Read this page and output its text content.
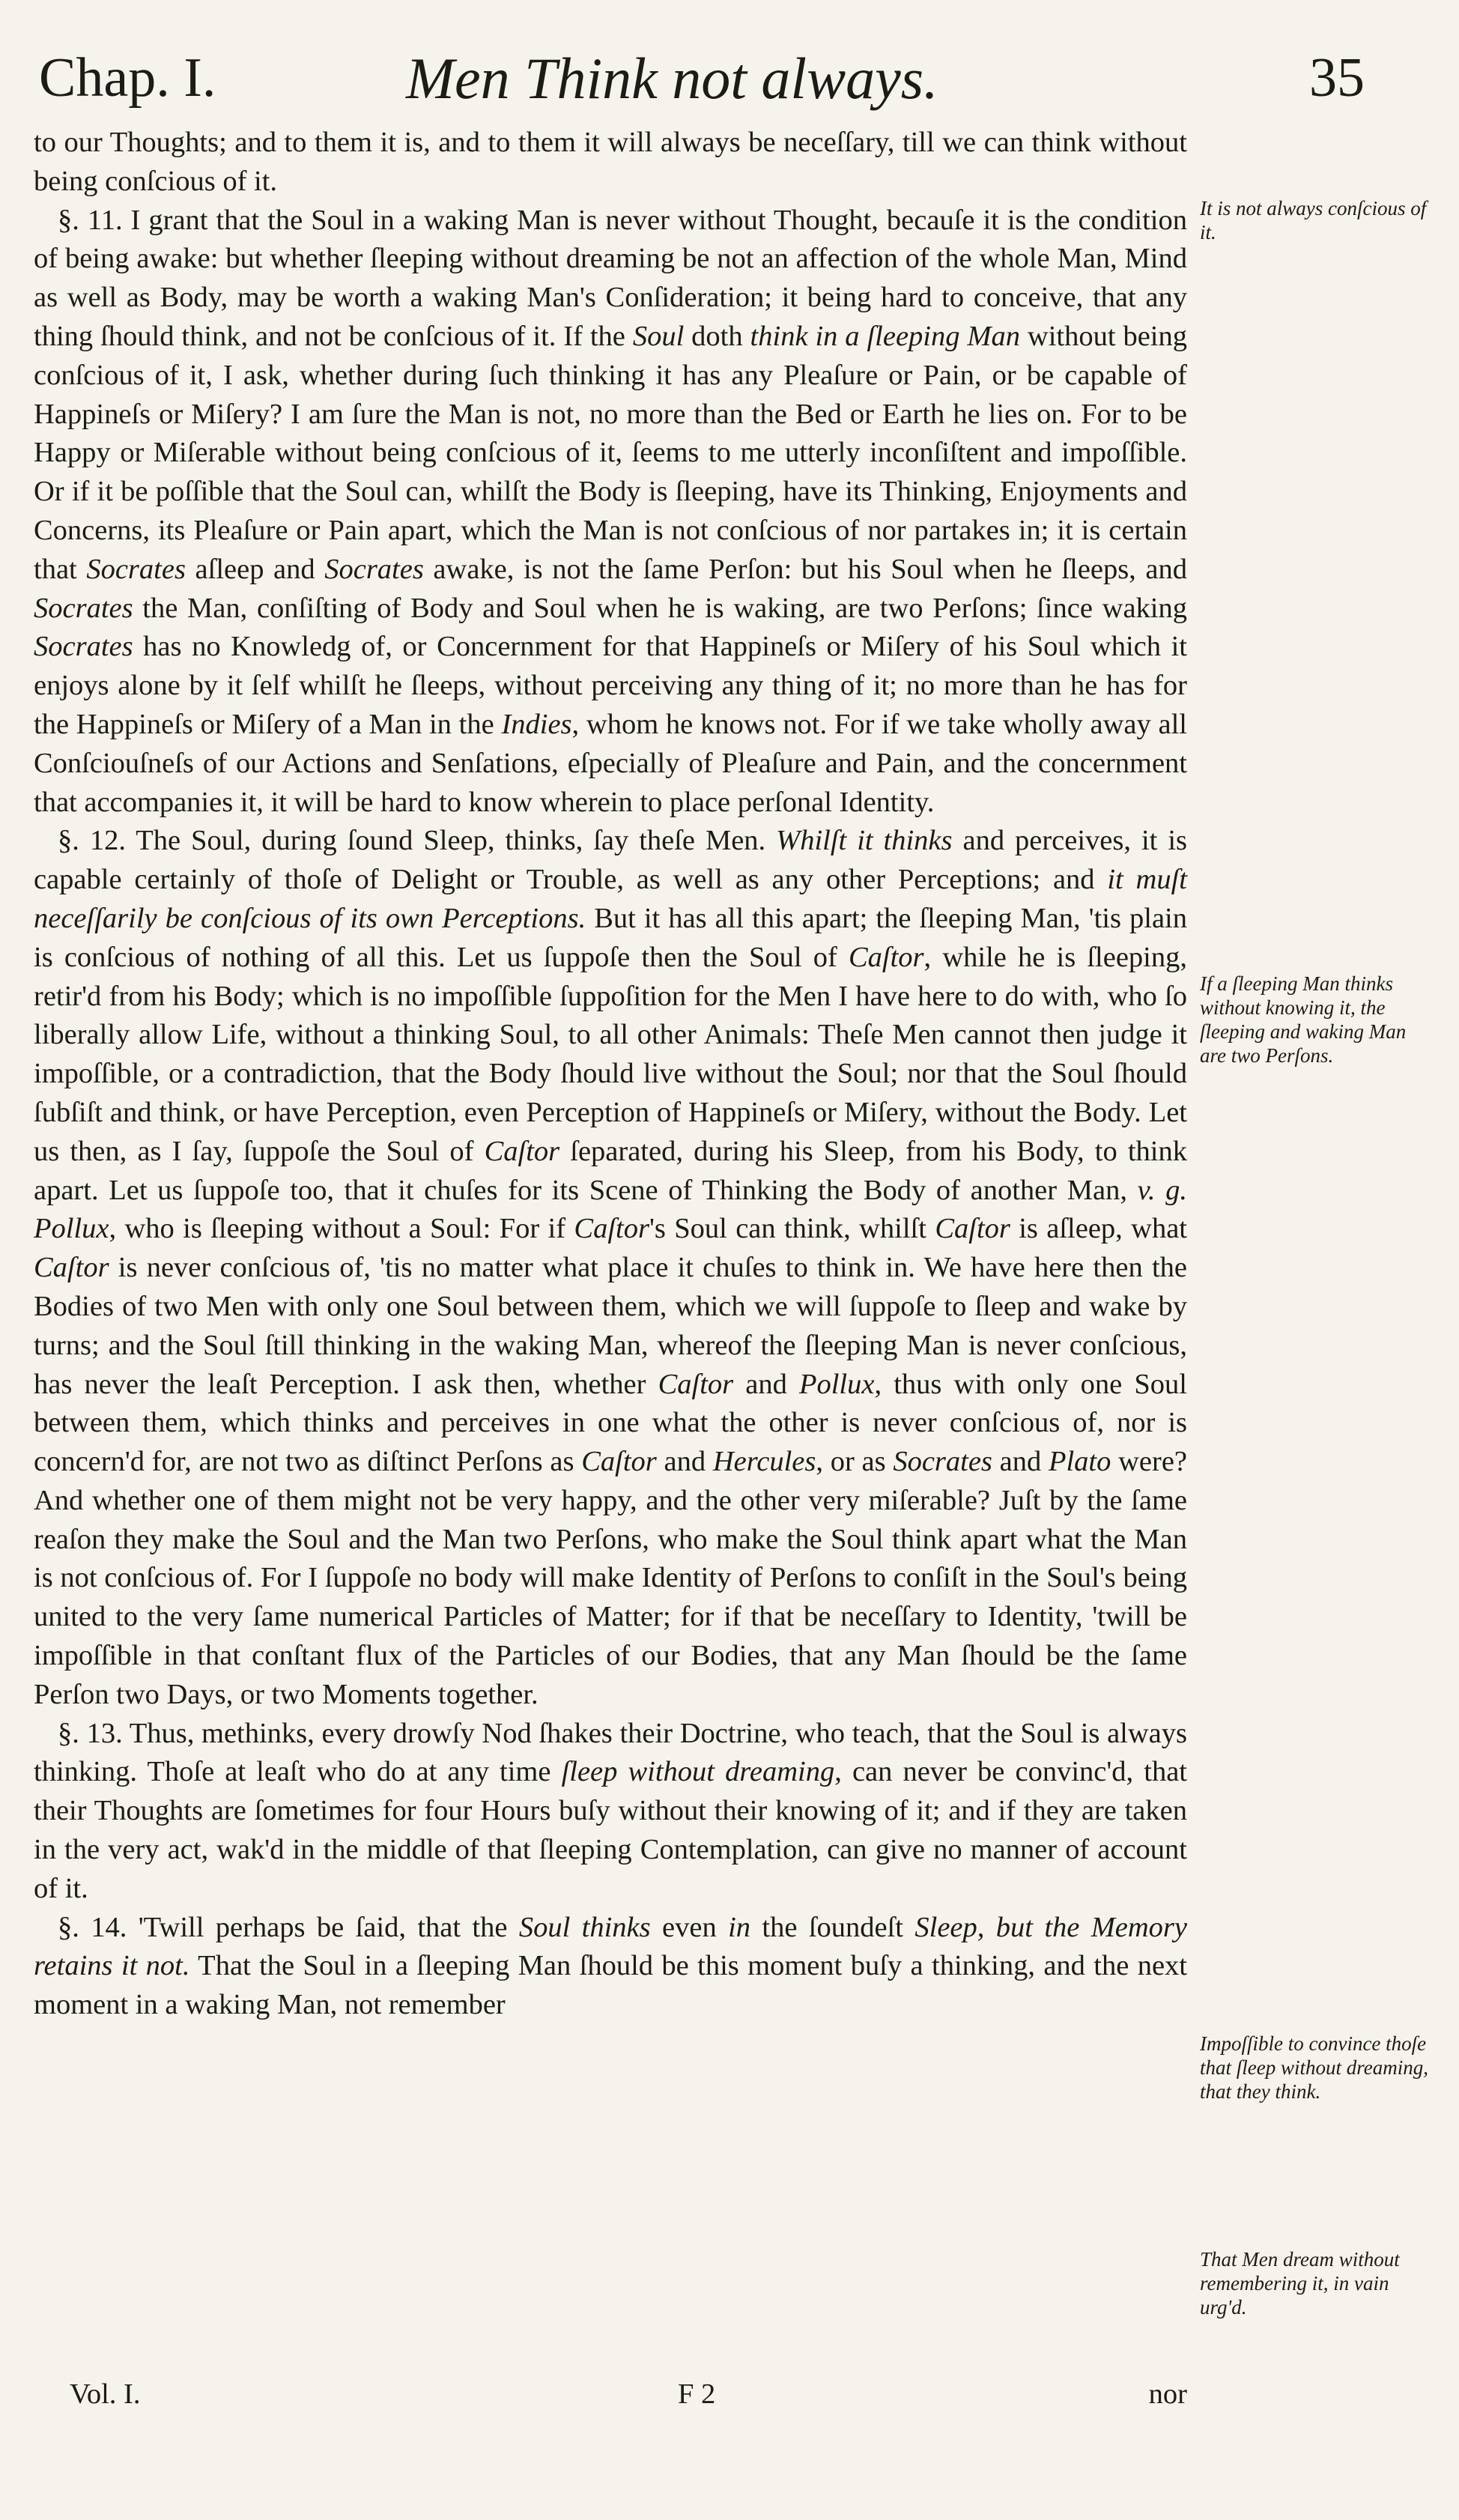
Chap. I.	Men Think not always.	35

to our Thoughts; and to them it is, and to them it will always be neceſſary, till we can think without being conſcious of it.

§. 11. I grant that the Soul in a waking Man is never without Thought, becauſe it is the condition of being awake: but whether ſleeping without dreaming be not an affection of the whole Man, Mind as well as Body, may be worth a waking Man's Conſideration; it being hard to conceive, that any thing ſhould think, and not be conſcious of it. If the Soul doth think in a ſleeping Man without being conſcious of it, I ask, whether during ſuch thinking it has any Pleaſure or Pain, or be capable of Happineſs or Miſery? I am ſure the Man is not, no more than the Bed or Earth he lies on. For to be Happy or Miſerable without being conſcious of it, ſeems to me utterly inconſiſtent and impoſſible. Or if it be poſſible that the Soul can, whilſt the Body is ſleeping, have its Thinking, Enjoyments and Concerns, its Pleaſure or Pain apart, which the Man is not conſcious of nor partakes in; it is certain that Socrates aſleep and Socrates awake, is not the ſame Perſon: but his Soul when he ſleeps, and Socrates the Man, conſiſting of Body and Soul when he is waking, are two Perſons; ſince waking Socrates has no Knowledg of, or Concernment for that Happineſs or Miſery of his Soul which it enjoys alone by it ſelf whilſt he ſleeps, without perceiving any thing of it; no more than he has for the Happineſs or Miſery of a Man in the Indies, whom he knows not. For if we take wholly away all Conſciouſneſs of our Actions and Senſations, eſpecially of Pleaſure and Pain, and the concernment that accompanies it, it will be hard to know wherein to place perſonal Identity.

§. 12. The Soul, during ſound Sleep, thinks, ſay theſe Men. Whilſt it thinks and perceives, it is capable certainly of thoſe of Delight or Trouble, as well as any other Perceptions; and it muſt neceſſarily be conſcious of its own Perceptions. But it has all this apart; the ſleeping Man, 'tis plain is conſcious of nothing of all this. Let us ſuppoſe then the Soul of Caſtor, while he is ſleeping, retir'd from his Body; which is no impoſſible ſuppoſition for the Men I have here to do with, who ſo liberally allow Life, without a thinking Soul, to all other Animals: Theſe Men cannot then judge it impoſſible, or a contradiction, that the Body ſhould live without the Soul; nor that the Soul ſhould ſubſiſt and think, or have Perception, even Perception of Happineſs or Miſery, without the Body. Let us then, as I ſay, ſuppoſe the Soul of Caſtor ſeparated, during his Sleep, from his Body, to think apart. Let us ſuppoſe too, that it chuſes for its Scene of Thinking the Body of another Man, v. g. Pollux, who is ſleeping without a Soul: For if Caſtor's Soul can think, whilſt Caſtor is aſleep, what Caſtor is never conſcious of, 'tis no matter what place it chuſes to think in. We have here then the Bodies of two Men with only one Soul between them, which we will ſuppoſe to ſleep and wake by turns; and the Soul ſtill thinking in the waking Man, whereof the ſleeping Man is never conſcious, has never the leaſt Perception. I ask then, whether Caſtor and Pollux, thus with only one Soul between them, which thinks and perceives in one what the other is never conſcious of, nor is concern'd for, are not two as diſtinct Perſons as Caſtor and Hercules, or as Socrates and Plato were? And whether one of them might not be very happy, and the other very miſerable? Juſt by the ſame reaſon they make the Soul and the Man two Perſons, who make the Soul think apart what the Man is not conſcious of. For I ſuppoſe no body will make Identity of Perſons to conſiſt in the Soul's being united to the very ſame numerical Particles of Matter; for if that be neceſſary to Identity, 'twill be impoſſible in that conſtant flux of the Particles of our Bodies, that any Man ſhould be the ſame Perſon two Days, or two Moments together.

§. 13. Thus, methinks, every drowſy Nod ſhakes their Doctrine, who teach, that the Soul is always thinking. Thoſe at leaſt who do at any time ſleep without dreaming, can never be convinc'd, that their Thoughts are ſometimes for four Hours buſy without their knowing of it; and if they are taken in the very act, wak'd in the middle of that ſleeping Contemplation, can give no manner of account of it.

§. 14. 'Twill perhaps be ſaid, that the Soul thinks even in the ſoundeſt Sleep, but the Memory retains it not. That the Soul in a ſleeping Man ſhould be this moment buſy a thinking, and the next moment in a waking Man, not remember

It is not always conſcious of it.
If a ſleeping Man thinks without knowing it, the ſleeping and waking Man are two Perſons.
Impoſſible to convince thoſe that ſleep without dreaming, that they think.
That Men dream without remembering it, in vain urg'd.
Vol. I.	F 2	nor
